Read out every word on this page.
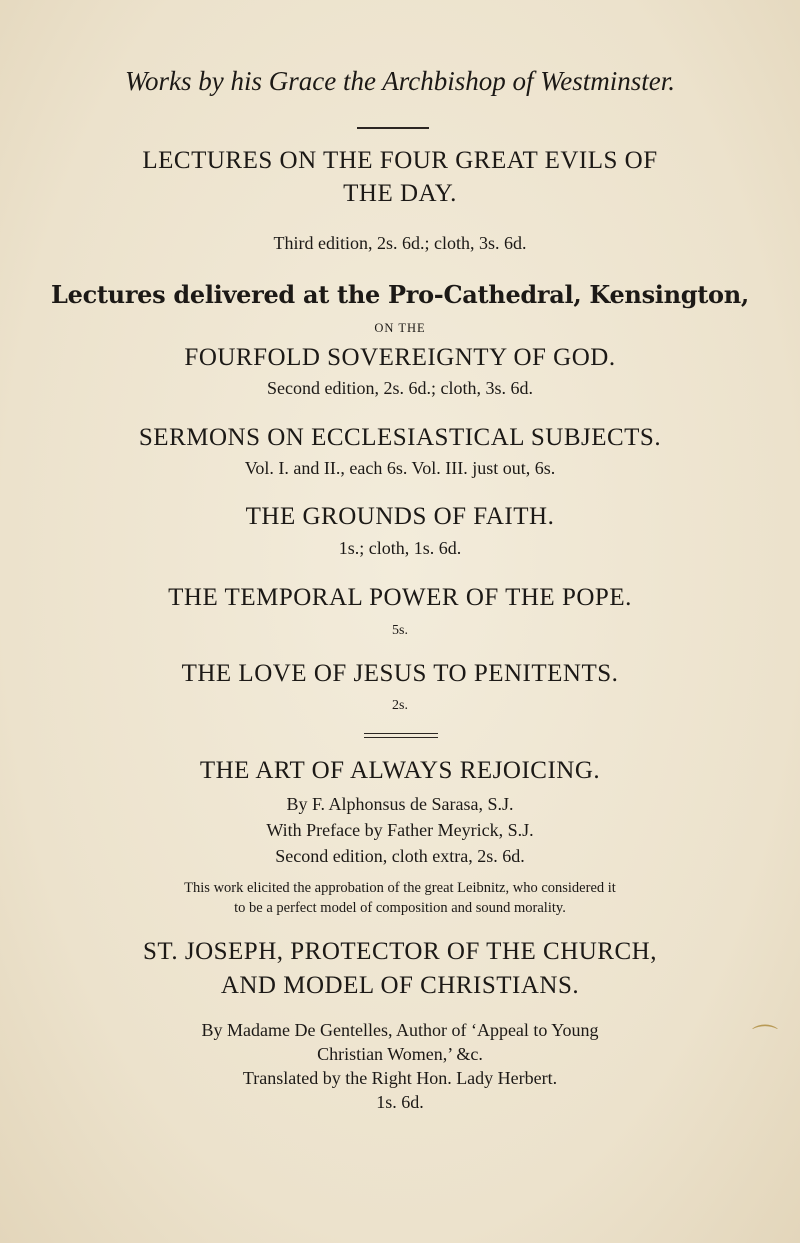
Works by his Grace the Archbishop of Westminster.
LECTURES ON THE FOUR GREAT EVILS OF
THE DAY.
Third edition, 2s. 6d.; cloth, 3s. 6d.
Lectures delivered at the Pro-Cathedral, Kensington,
ON THE
FOURFOLD SOVEREIGNTY OF GOD.
Second edition, 2s. 6d.; cloth, 3s. 6d.
SERMONS ON ECCLESIASTICAL SUBJECTS.
Vol. I. and II., each 6s. Vol. III. just out, 6s.
THE GROUNDS OF FAITH.
1s.; cloth, 1s. 6d.
THE TEMPORAL POWER OF THE POPE.
5s.
THE LOVE OF JESUS TO PENITENTS.
2s.
THE ART OF ALWAYS REJOICING.
By F. Alphonsus de Sarasa, S.J.
With Preface by Father Meyrick, S.J.
Second edition, cloth extra, 2s. 6d.
This work elicited the approbation of the great Leibnitz, who considered it
to be a perfect model of composition and sound morality.
ST. JOSEPH, PROTECTOR OF THE CHURCH,
AND MODEL OF CHRISTIANS.
By Madame De Gentelles, Author of ‘Appeal to Young
Christian Women,’ &c.
Translated by the Right Hon. Lady Herbert.
1s. 6d.
⌒
